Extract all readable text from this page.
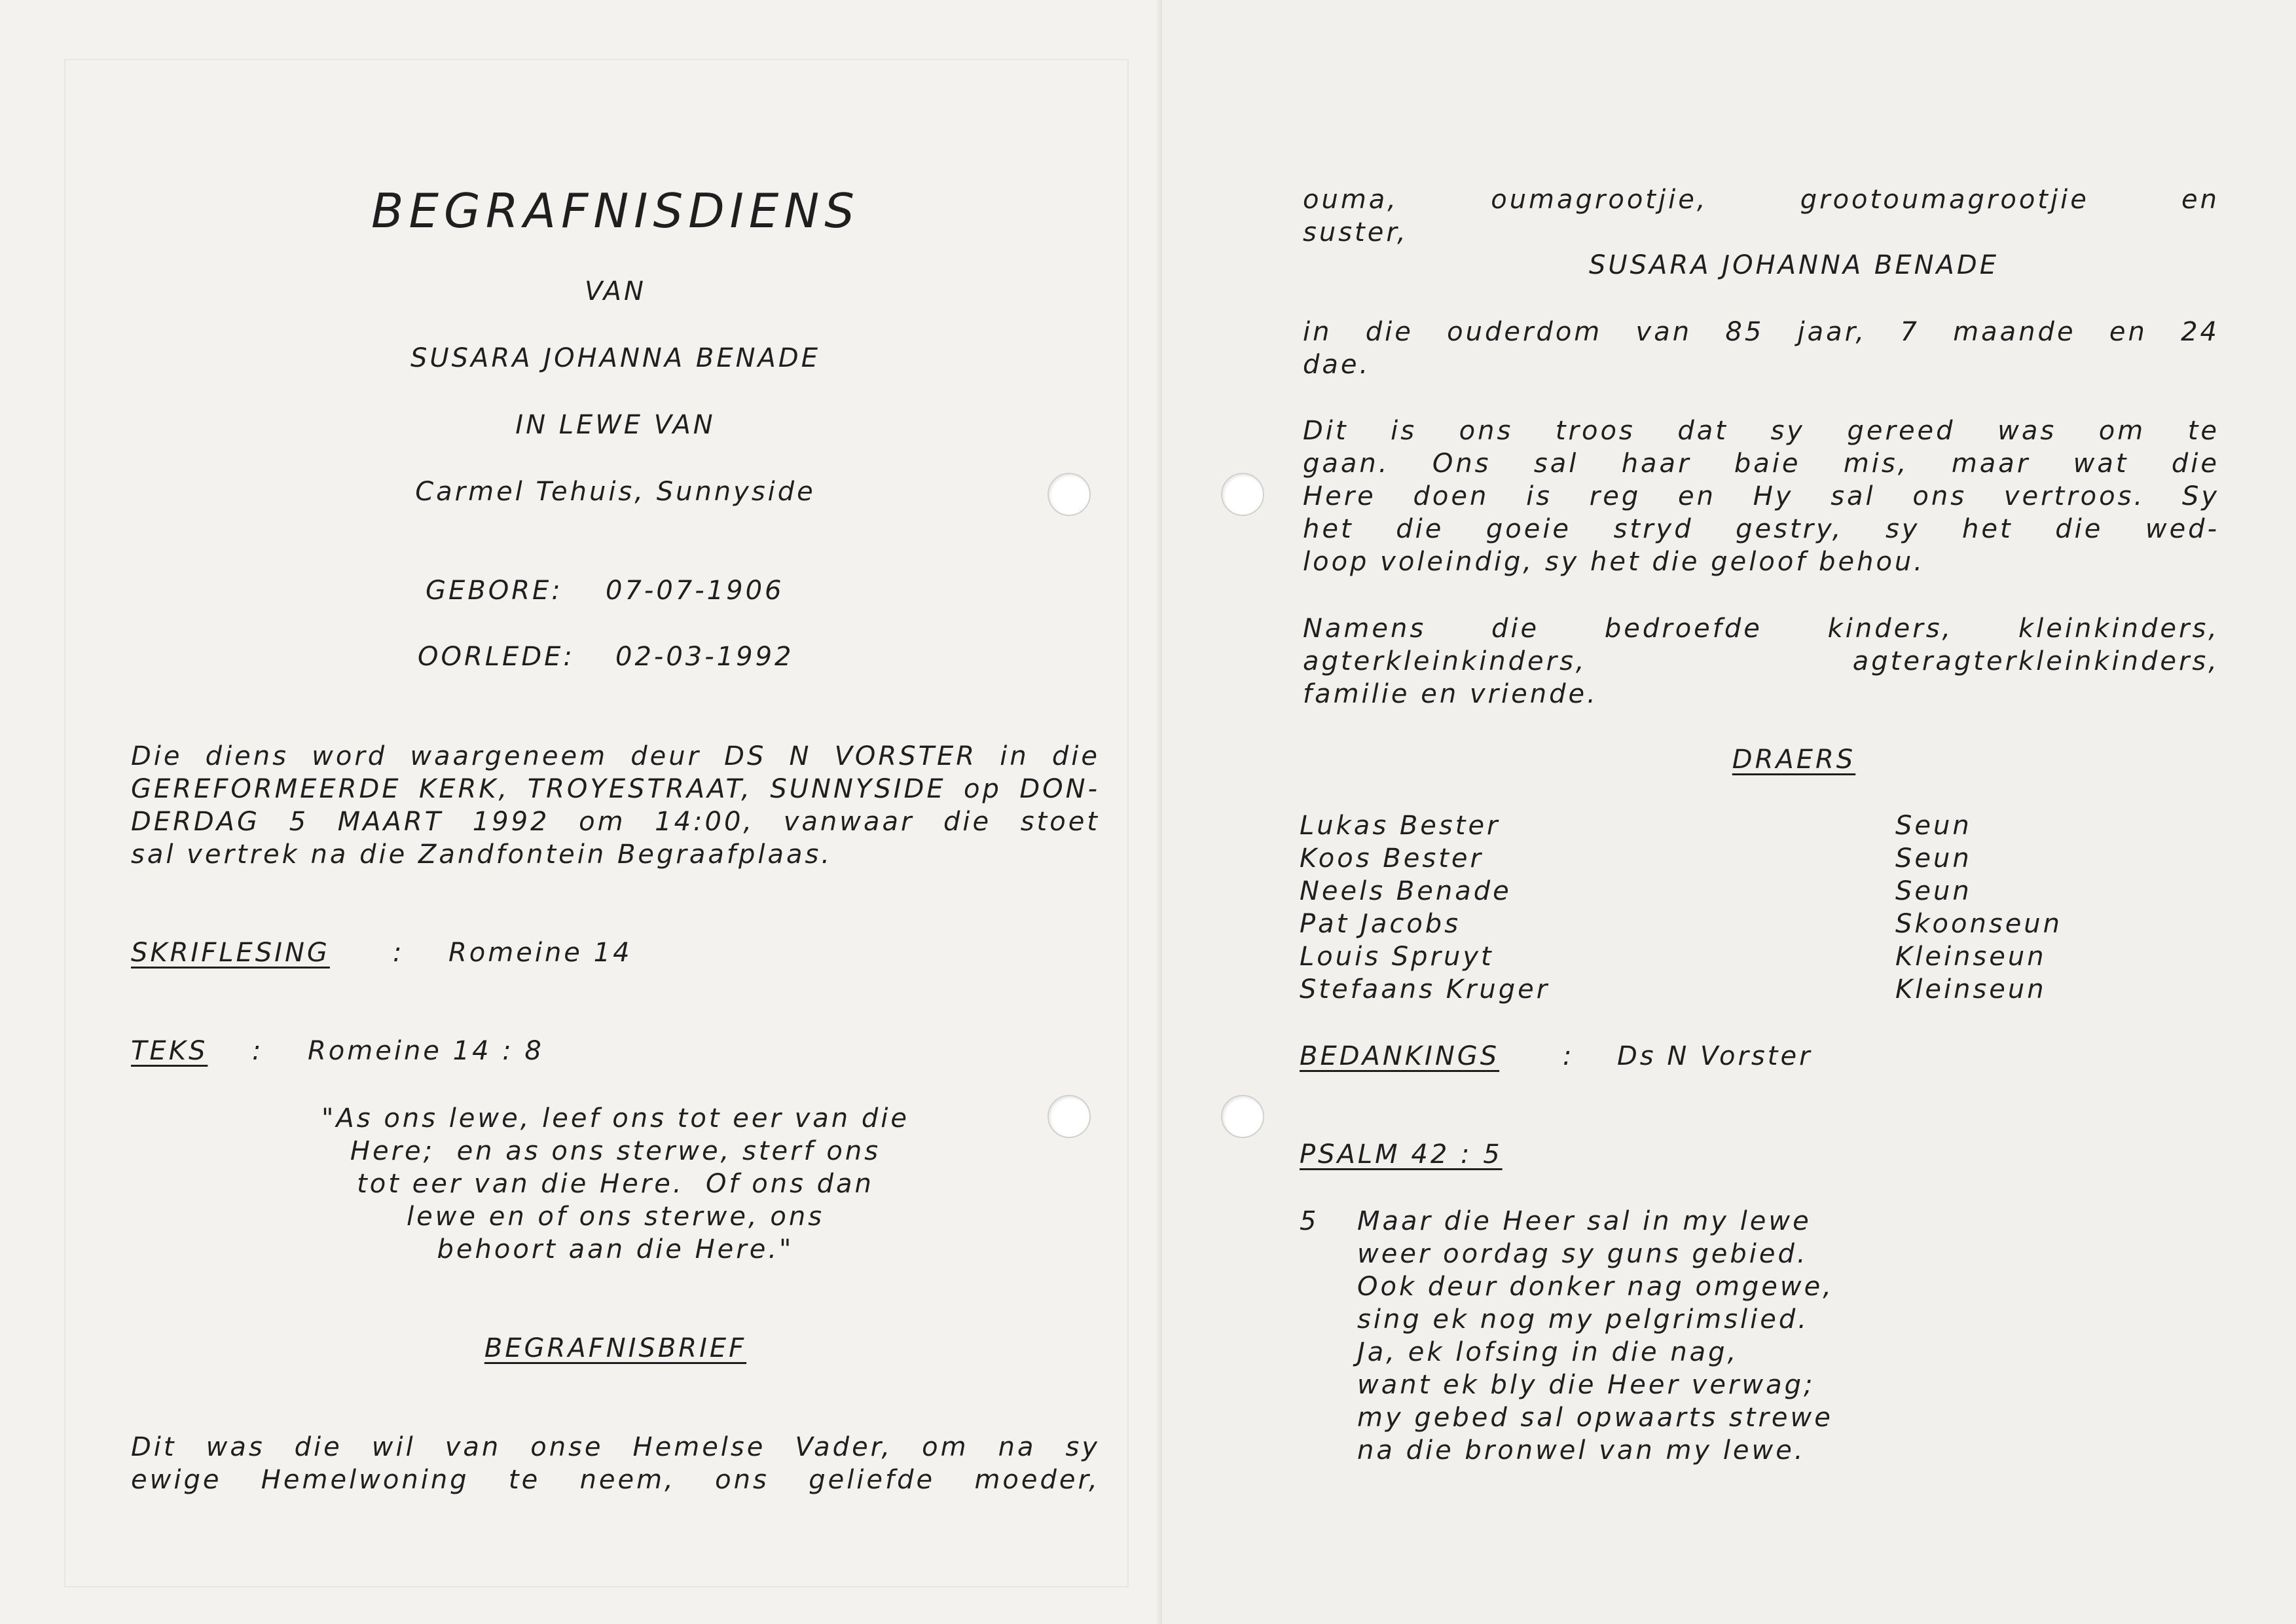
BEGRAFNISDIENS
VAN
SUSARA JOHANNA BENADE
IN LEWE VAN
Carmel Tehuis, Sunnyside
GEBORE: 07-07-1906
OORLEDE: 02-03-1992
Die diens word waargeneem deur DS N VORSTER in die
GEREFORMEERDE KERK, TROYESTRAAT, SUNNYSIDE op DON-
DERDAG 5 MAART 1992 om 14:00, vanwaar die stoet
sal vertrek na die Zandfontein Begraafplaas.
SKRIFLESING : Romeine 14
TEKS : Romeine 14 : 8
"As ons lewe, leef ons tot eer van die
Here;  en as ons sterwe, sterf ons
tot eer van die Here.  Of ons dan
lewe en of ons sterwe, ons
behoort aan die Here."
BEGRAFNISBRIEF
Dit was die wil van onse Hemelse Vader, om na sy
ewige Hemelwoning te neem, ons geliefde moeder,
ouma, oumagrootjie, grootoumagrootjie en
suster,
SUSARA JOHANNA BENADE
in die ouderdom van 85 jaar, 7 maande en 24
dae.
Dit is ons troos dat sy gereed was om te
gaan. Ons sal haar baie mis, maar wat die
Here doen is reg en Hy sal ons vertroos. Sy
het die goeie stryd gestry, sy het die wed-
loop voleindig, sy het die geloof behou.
Namens die bedroefde kinders, kleinkinders,
agterkleinkinders, agteragterkleinkinders,
familie en vriende.
DRAERS
Lukas Bester	Seun
Koos Bester	Seun
Neels Benade	Seun
Pat Jacobs	Skoonseun
Louis Spruyt	Kleinseun
Stefaans Kruger	Kleinseun
BEDANKINGS : Ds N Vorster
PSALM 42 : 5
5 Maar die Heer sal in my lewe
weer oordag sy guns gebied.
Ook deur donker nag omgewe,
sing ek nog my pelgrimslied.
Ja, ek lofsing in die nag,
want ek bly die Heer verwag;
my gebed sal opwaarts strewe
na die bronwel van my lewe.
